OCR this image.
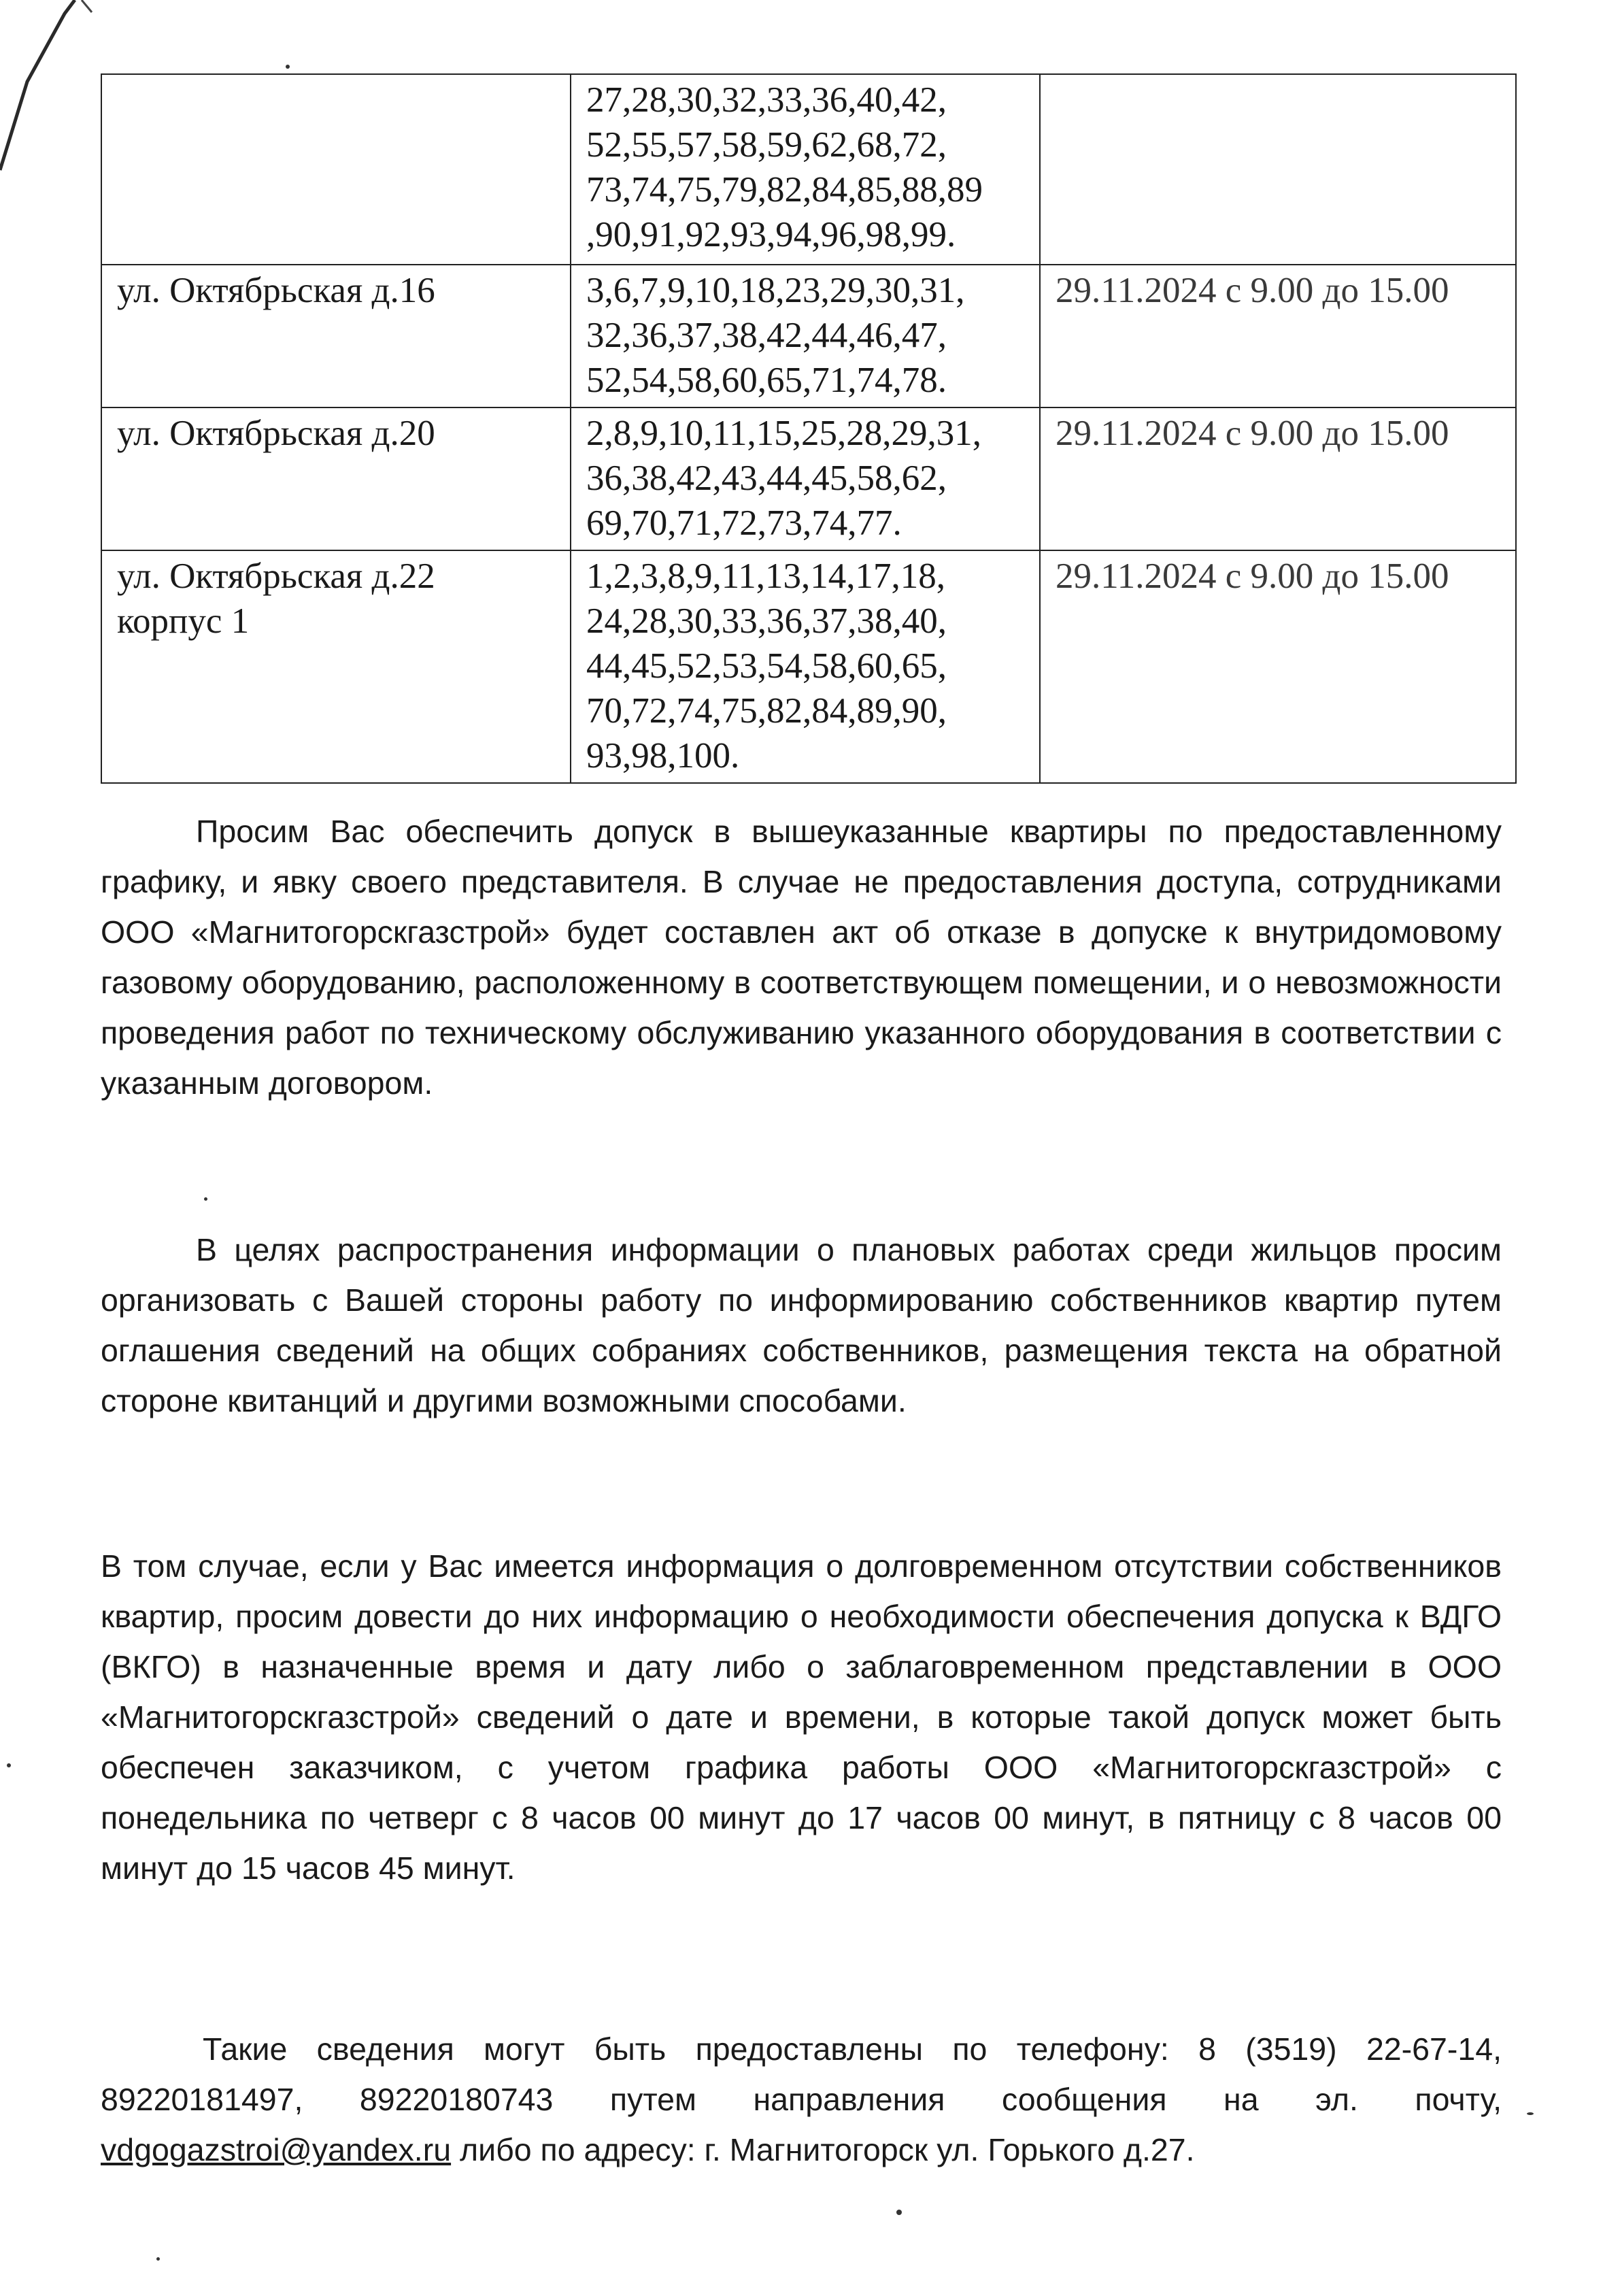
	27,28,30,32,33,36,40,42,
52,55,57,58,59,62,68,72,
73,74,75,79,82,84,85,88,89
,90,91,92,93,94,96,98,99.	
ул. Октябрьская д.16	3,6,7,9,10,18,23,29,30,31,
32,36,37,38,42,44,46,47,
52,54,58,60,65,71,74,78.	29.11.2024 с 9.00 до 15.00
ул. Октябрьская д.20	2,8,9,10,11,15,25,28,29,31,
36,38,42,43,44,45,58,62,
69,70,71,72,73,74,77.	29.11.2024 с 9.00 до 15.00
ул. Октябрьская д.22
корпус 1	1,2,3,8,9,11,13,14,17,18,
24,28,30,33,36,37,38,40,
44,45,52,53,54,58,60,65,
70,72,74,75,82,84,89,90,
93,98,100.	29.11.2024 с 9.00 до 15.00

Просим Вас обеспечить допуск в вышеуказанные квартиры по предоставленному графику, и явку своего представителя. В случае не предоставления доступа, сотрудниками ООО «Магнитогорскгазстрой» будет составлен акт об отказе в допуске к внутридомовому газовому оборудованию, расположенному в соответствующем помещении, и о невозможности проведения работ по техническому обслуживанию указанного оборудования в соответствии с указанным договором.

В целях распространения информации о плановых работах среди жильцов просим организовать с Вашей стороны работу по информированию собственников квартир путем оглашения сведений на общих собраниях собственников, размещения текста на обратной стороне квитанций и другими возможными способами.

В том случае, если у Вас имеется информация о долговременном отсутствии собственников квартир, просим довести до них информацию о необходимости обеспечения допуска к ВДГО (ВКГО) в назначенные время и дату либо о заблаговременном представлении в ООО «Магнитогорскгазстрой» сведений о дате и времени, в которые такой допуск может быть обеспечен заказчиком, с учетом графика работы ООО «Магнитогорскгазстрой» с понедельника по четверг с 8 часов 00 минут до 17 часов 00 минут, в пятницу с 8 часов 00 минут до 15 часов 45 минут.

Такие сведения могут быть предоставлены по телефону: 8 (3519) 22-67-14, 89220181497, 89220180743 путем направления сообщения на эл. почту, vdgogazstroi@yandex.ru либо по адресу: г. Магнитогорск ул. Горького д.27.
